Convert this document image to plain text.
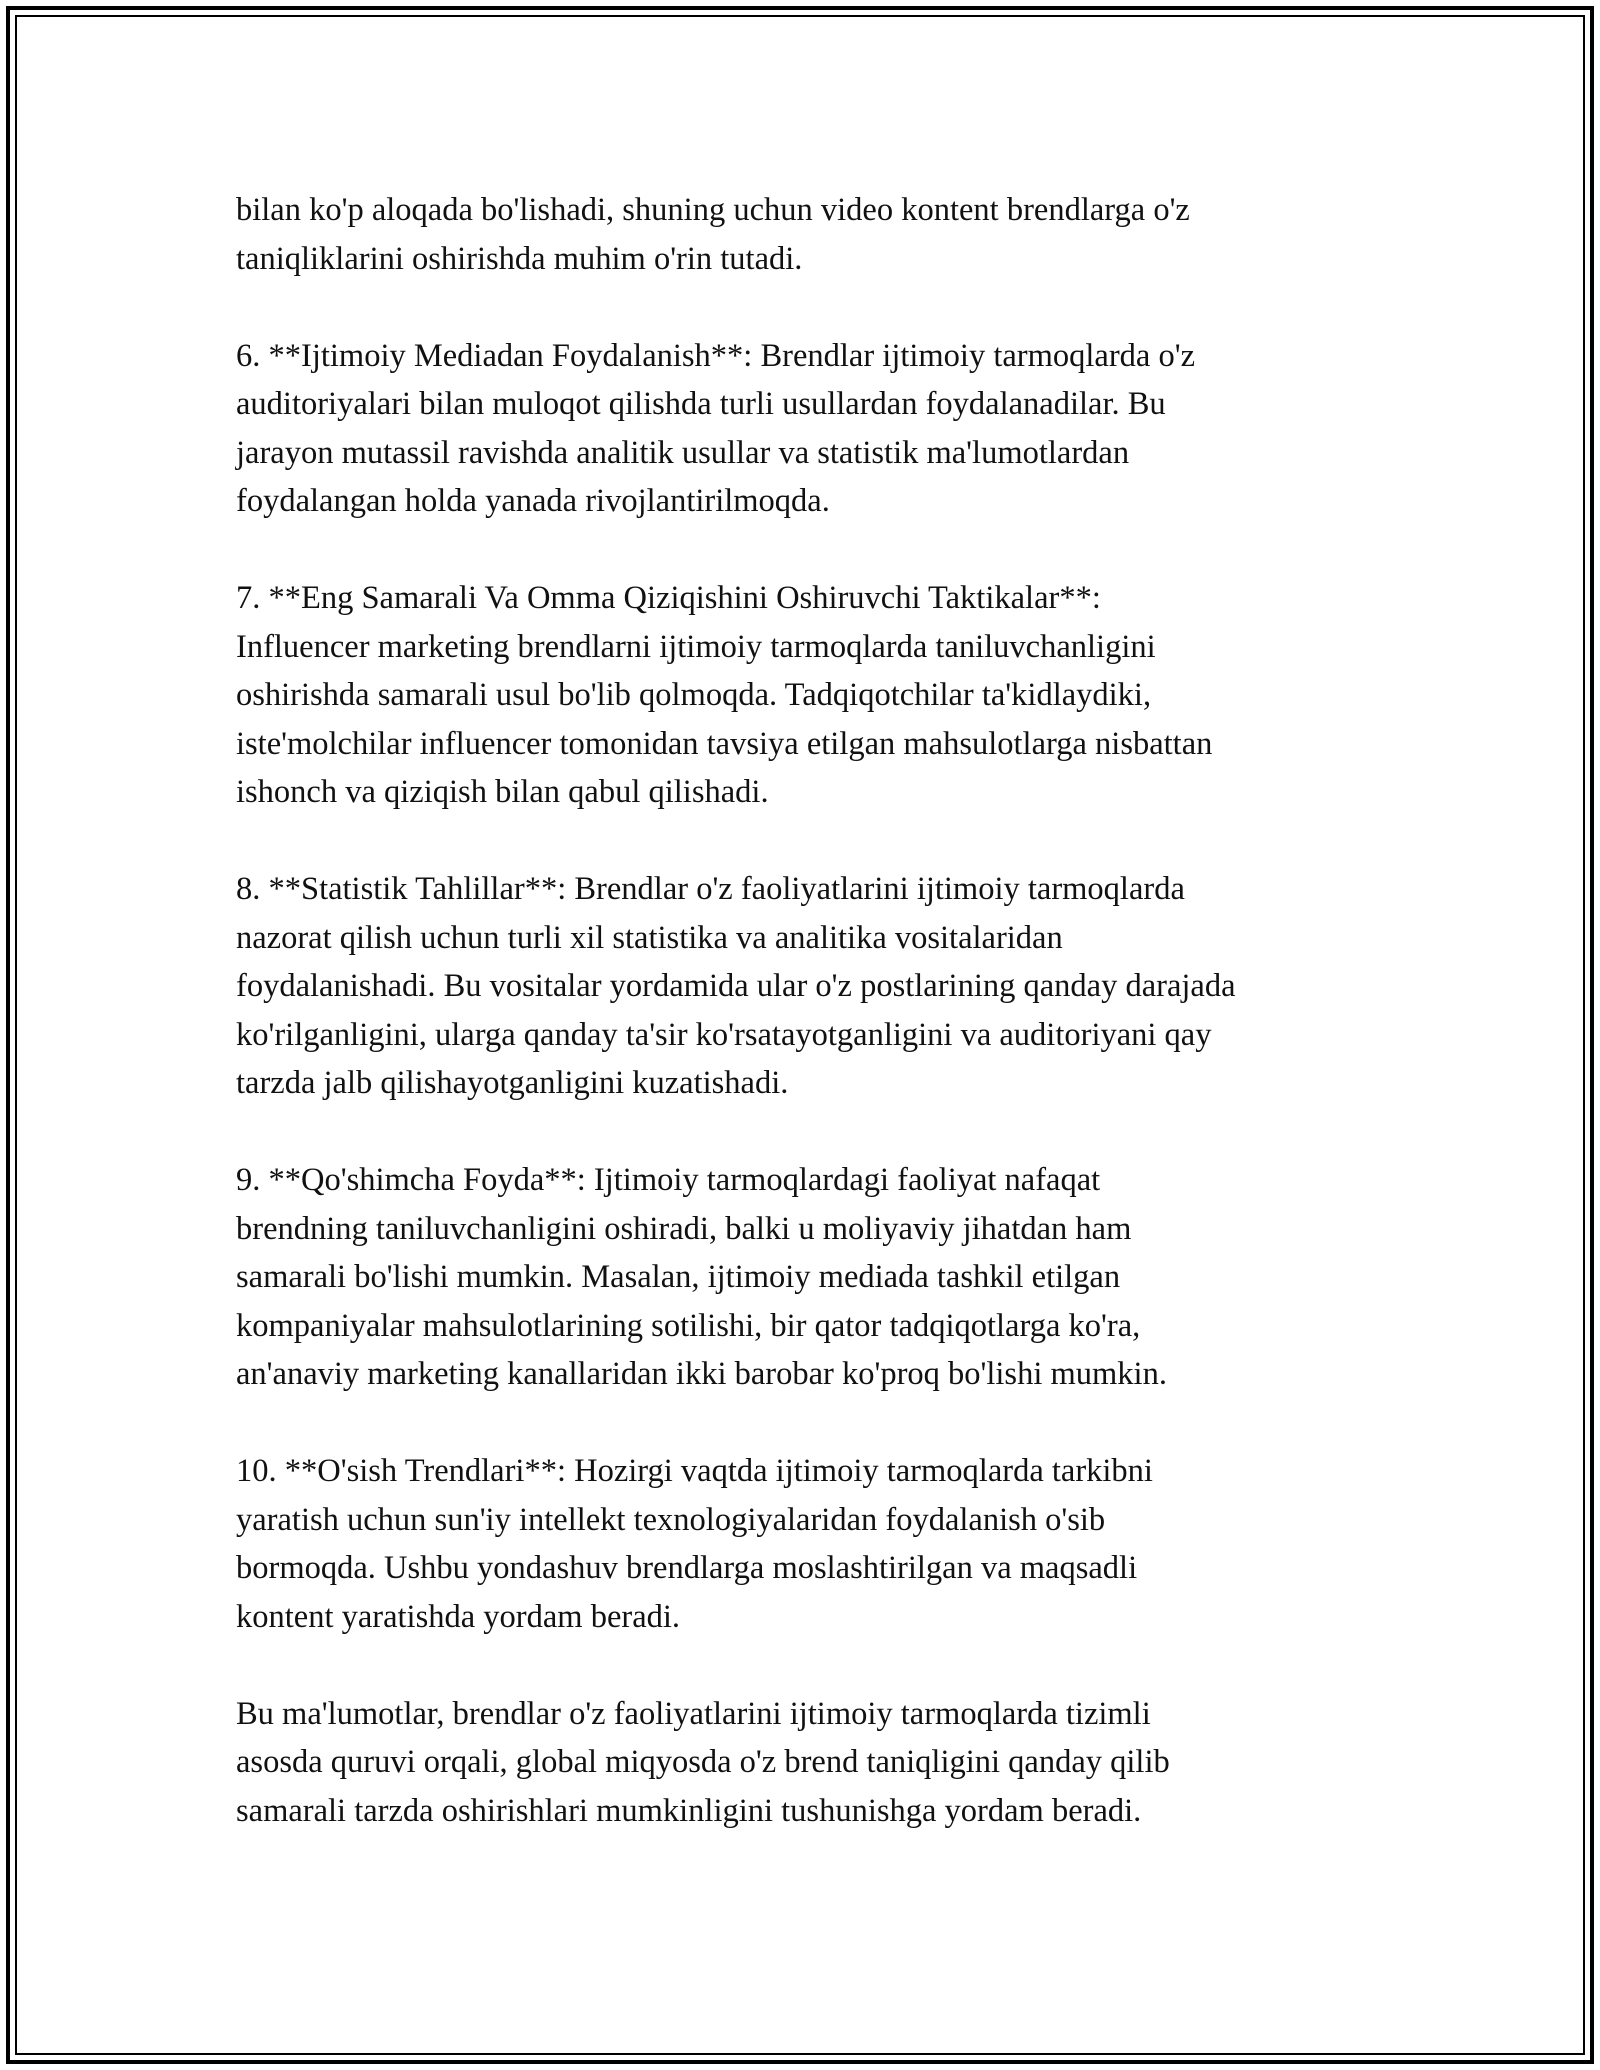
bilan ko'p aloqada bo'lishadi, shuning uchun video kontent brendlarga o'z
taniqliklarini oshirishda muhim o'rin tutadi.

6. **Ijtimoiy Mediadan Foydalanish**: Brendlar ijtimoiy tarmoqlarda o'z
auditoriyalari bilan muloqot qilishda turli usullardan foydalanadilar. Bu
jarayon mutassil ravishda analitik usullar va statistik ma'lumotlardan
foydalangan holda yanada rivojlantirilmoqda.

7. **Eng Samarali Va Omma Qiziqishini Oshiruvchi Taktikalar**:
Influencer marketing brendlarni ijtimoiy tarmoqlarda taniluvchanligini
oshirishda samarali usul bo'lib qolmoqda. Tadqiqotchilar ta'kidlaydiki,
iste'molchilar influencer tomonidan tavsiya etilgan mahsulotlarga nisbattan
ishonch va qiziqish bilan qabul qilishadi.

8. **Statistik Tahlillar**: Brendlar o'z faoliyatlarini ijtimoiy tarmoqlarda
nazorat qilish uchun turli xil statistika va analitika vositalaridan
foydalanishadi. Bu vositalar yordamida ular o'z postlarining qanday darajada
ko'rilganligini, ularga qanday ta'sir ko'rsatayotganligini va auditoriyani qay
tarzda jalb qilishayotganligini kuzatishadi.

9. **Qo'shimcha Foyda**: Ijtimoiy tarmoqlardagi faoliyat nafaqat
brendning taniluvchanligini oshiradi, balki u moliyaviy jihatdan ham
samarali bo'lishi mumkin. Masalan, ijtimoiy mediada tashkil etilgan
kompaniyalar mahsulotlarining sotilishi, bir qator tadqiqotlarga ko'ra,
an'anaviy marketing kanallaridan ikki barobar ko'proq bo'lishi mumkin.

10. **O'sish Trendlari**: Hozirgi vaqtda ijtimoiy tarmoqlarda tarkibni
yaratish uchun sun'iy intellekt texnologiyalaridan foydalanish o'sib
bormoqda. Ushbu yondashuv brendlarga moslashtirilgan va maqsadli
kontent yaratishda yordam beradi.

Bu ma'lumotlar, brendlar o'z faoliyatlarini ijtimoiy tarmoqlarda tizimli
asosda quruvi orqali, global miqyosda o'z brend taniqligini qanday qilib
samarali tarzda oshirishlari mumkinligini tushunishga yordam beradi.
